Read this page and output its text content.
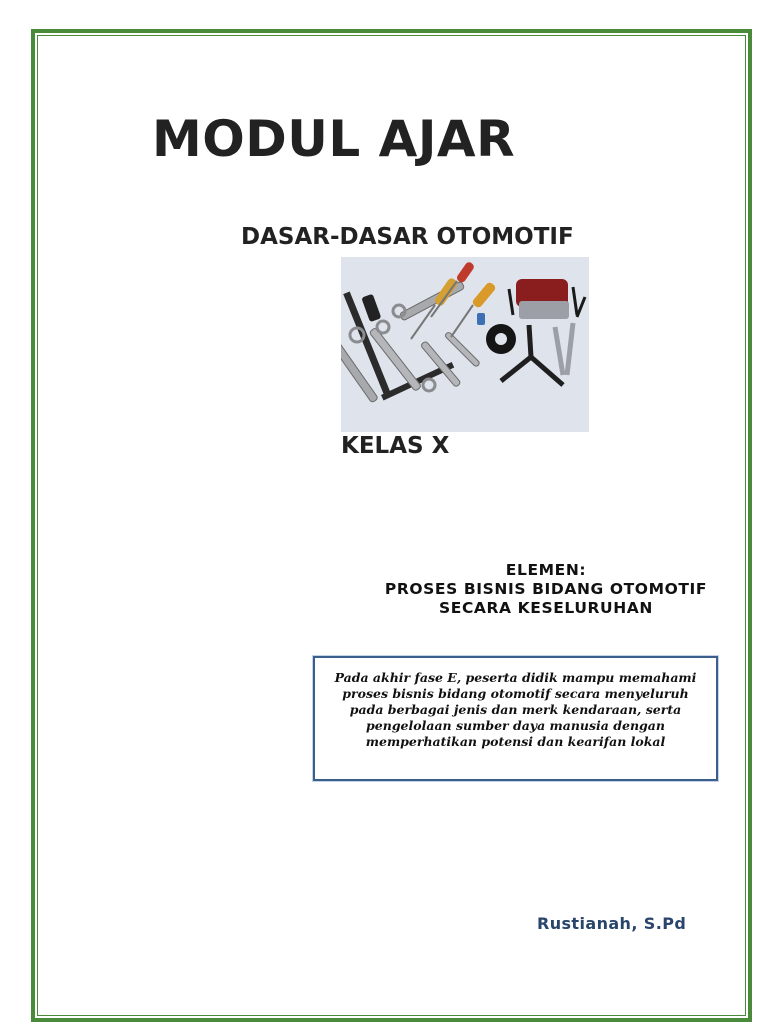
MODUL AJAR
DASAR-DASAR OTOMOTIF
KELAS X
ELEMEN:
PROSES BISNIS BIDANG OTOMOTIF
SECARA KESELURUHAN
Pada akhir fase E, peserta didik mampu memahami proses bisnis bidang otomotif secara menyeluruh pada berbagai jenis dan merk kendaraan, serta pengelolaan sumber daya manusia dengan memperhatikan potensi dan kearifan lokal

Rustianah, S.Pd
